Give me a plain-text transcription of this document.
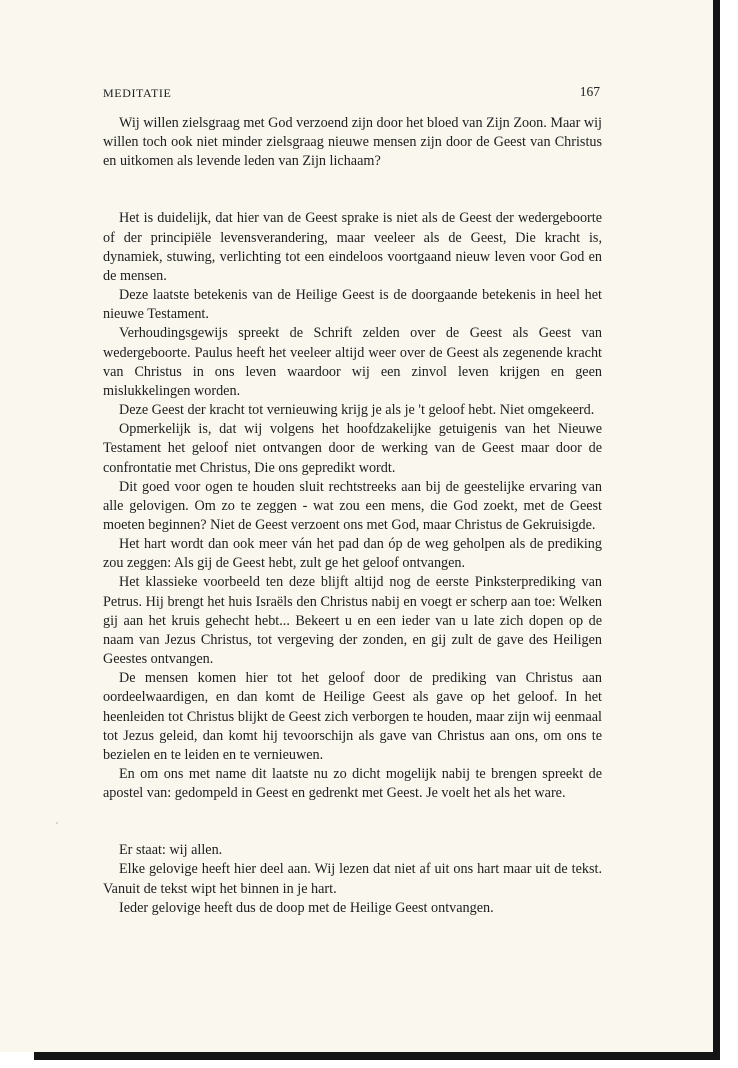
MEDITATIE	167

Wij willen zielsgraag met God verzoend zijn door het bloed van Zijn Zoon. Maar wij willen toch ook niet minder zielsgraag nieuwe mensen zijn door de Geest van Christus en uitkomen als levende leden van Zijn lichaam?

Het is duidelijk, dat hier van de Geest sprake is niet als de Geest der wedergeboorte of der principiële levensverandering, maar veeleer als de Geest, Die kracht is, dynamiek, stuwing, verlichting tot een eindeloos voortgaand nieuw leven voor God en de mensen.

Deze laatste betekenis van de Heilige Geest is de doorgaande betekenis in heel het nieuwe Testament.

Verhoudingsgewijs spreekt de Schrift zelden over de Geest als Geest van wedergeboorte. Paulus heeft het veeleer altijd weer over de Geest als zegenende kracht van Christus in ons leven waardoor wij een zinvol leven krijgen en geen mislukkelingen worden.

Deze Geest der kracht tot vernieuwing krijg je als je 't geloof hebt. Niet omgekeerd.

Opmerkelijk is, dat wij volgens het hoofdzakelijke getuigenis van het Nieuwe Testament het geloof niet ontvangen door de werking van de Geest maar door de confrontatie met Christus, Die ons gepredikt wordt.

Dit goed voor ogen te houden sluit rechtstreeks aan bij de geestelijke ervaring van alle gelovigen. Om zo te zeggen - wat zou een mens, die God zoekt, met de Geest moeten beginnen? Niet de Geest verzoent ons met God, maar Christus de Gekruisigde.

Het hart wordt dan ook meer ván het pad dan óp de weg geholpen als de prediking zou zeggen: Als gij de Geest hebt, zult ge het geloof ontvangen.

Het klassieke voorbeeld ten deze blijft altijd nog de eerste Pinksterprediking van Petrus. Hij brengt het huis Israëls den Christus nabij en voegt er scherp aan toe: Welken gij aan het kruis gehecht hebt... Bekeert u en een ieder van u late zich dopen op de naam van Jezus Christus, tot vergeving der zonden, en gij zult de gave des Heiligen Geestes ontvangen.

De mensen komen hier tot het geloof door de prediking van Christus aan oordeelwaardigen, en dan komt de Heilige Geest als gave op het geloof. In het heenleiden tot Christus blijkt de Geest zich verborgen te houden, maar zijn wij eenmaal tot Jezus geleid, dan komt hij tevoorschijn als gave van Christus aan ons, om ons te bezielen en te leiden en te vernieuwen.

En om ons met name dit laatste nu zo dicht mogelijk nabij te brengen spreekt de apostel van: gedompeld in Geest en gedrenkt met Geest. Je voelt het als het ware.

Er staat: wij allen.

Elke gelovige heeft hier deel aan. Wij lezen dat niet af uit ons hart maar uit de tekst. Vanuit de tekst wipt het binnen in je hart.

Ieder gelovige heeft dus de doop met de Heilige Geest ontvangen.
